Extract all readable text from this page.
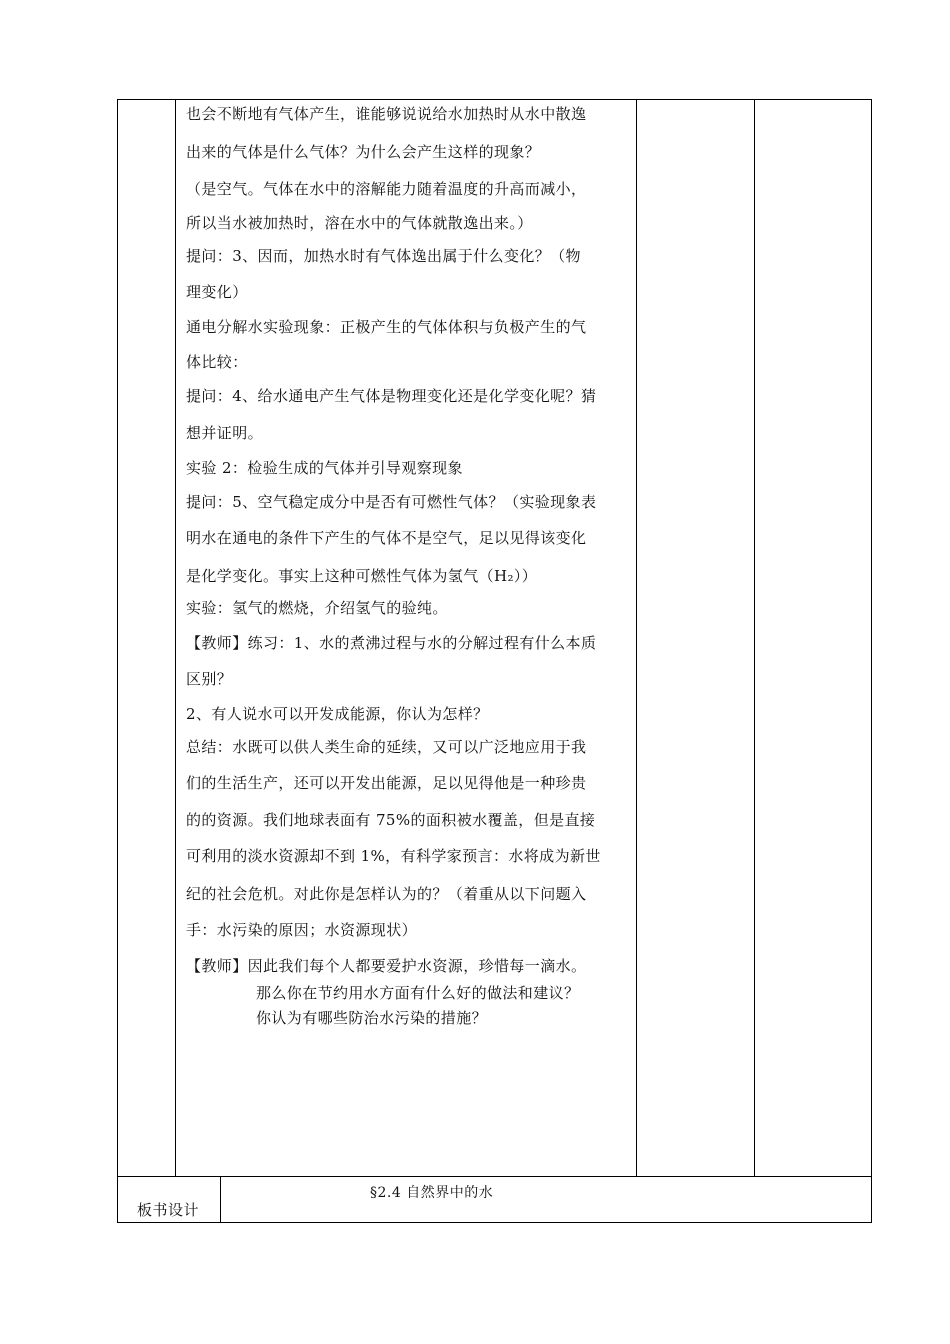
也会不断地有气体产生，谁能够说说给水加热时从水中散逸
出来的气体是什么气体？为什么会产生这样的现象？
（是空气。气体在水中的溶解能力随着温度的升高而减小，
所以当水被加热时，溶在水中的气体就散逸出来。）
提问：3、因而，加热水时有气体逸出属于什么变化？（物
理变化）
通电分解水实验现象：正极产生的气体体积与负极产生的气
体比较：
提问：4、给水通电产生气体是物理变化还是化学变化呢？猜
想并证明。
实验 2：检验生成的气体并引导观察现象
提问：5、空气稳定成分中是否有可燃性气体？（实验现象表
明水在通电的条件下产生的气体不是空气，足以见得该变化
是化学变化。事实上这种可燃性气体为氢气（H₂））
实验：氢气的燃烧，介绍氢气的验纯。
【教师】练习：1、水的煮沸过程与水的分解过程有什么本质
区别？
2、有人说水可以开发成能源，你认为怎样？
总结：水既可以供人类生命的延续，又可以广泛地应用于我
们的生活生产，还可以开发出能源，足以见得他是一种珍贵
的的资源。我们地球表面有 75%的面积被水覆盖，但是直接
可利用的淡水资源却不到 1%，有科学家预言：水将成为新世
纪的社会危机。对此你是怎样认为的？（着重从以下问题入
手：水污染的原因；水资源现状）
【教师】因此我们每个人都要爱护水资源，珍惜每一滴水。
那么你在节约用水方面有什么好的做法和建议？
你认为有哪些防治水污染的措施？
板书设计
§2.4 自然界中的水
